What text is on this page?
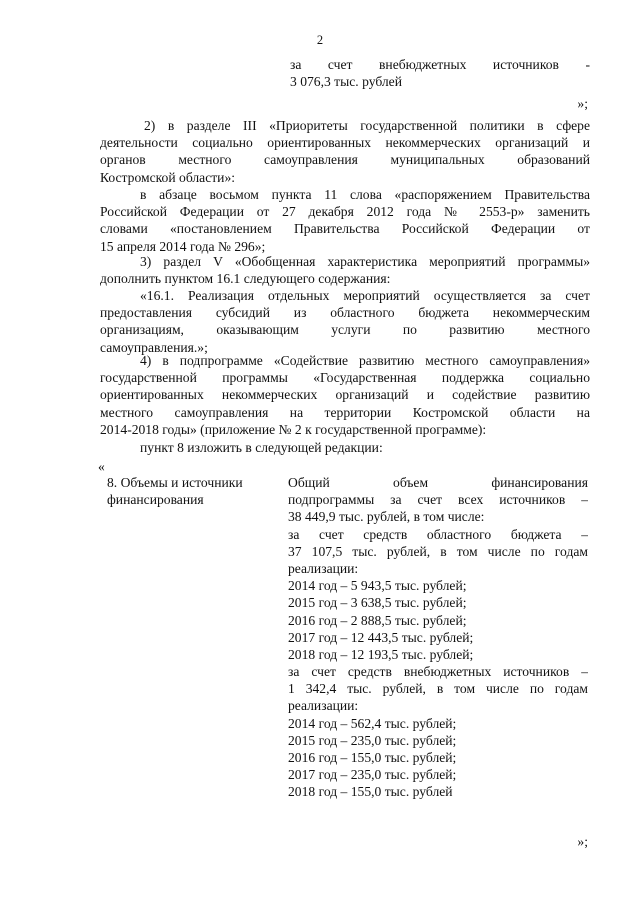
2
за счет внебюджетных источников -
3 076,3 тыс. рублей
»;
2) в разделе III «Приоритеты государственной политики в сфере
деятельности социально ориентированных некоммерческих организаций и
органов местного самоуправления муниципальных образований
Костромской области»:
в абзаце восьмом пункта 11 слова «распоряжением Правительства
Российской Федерации от 27 декабря 2012 года № 2553-р» заменить
словами «постановлением Правительства Российской Федерации от
15 апреля 2014 года № 296»;
3) раздел V «Обобщенная характеристика мероприятий программы»
дополнить пунктом 16.1 следующего содержания:
«16.1. Реализация отдельных мероприятий осуществляется за счет
предоставления субсидий из областного бюджета некоммерческим
организациям, оказывающим услуги по развитию местного
самоуправления.»;
4) в подпрограмме «Содействие развитию местного самоуправления»
государственной программы «Государственная поддержка социально
ориентированных некоммерческих организаций и содействие развитию
местного самоуправления на территории Костромской области на
2014-2018 годы» (приложение № 2 к государственной программе):
пункт 8 изложить в следующей редакции:
«
8. Объемы и источники
финансирования
Общий объем финансирования
подпрограммы за счет всех источников –
38 449,9 тыс. рублей, в том числе:
за счет средств областного бюджета –
37 107,5 тыс. рублей, в том числе по годам
реализации:
2014 год – 5 943,5 тыс. рублей;
2015 год – 3 638,5 тыс. рублей;
2016 год – 2 888,5 тыс. рублей;
2017 год – 12 443,5 тыс. рублей;
2018 год – 12 193,5 тыс. рублей;
за счет средств внебюджетных источников –
1 342,4 тыс. рублей, в том числе по годам
реализации:
2014 год – 562,4 тыс. рублей;
2015 год – 235,0 тыс. рублей;
2016 год – 155,0 тыс. рублей;
2017 год – 235,0 тыс. рублей;
2018 год – 155,0 тыс. рублей
»;
